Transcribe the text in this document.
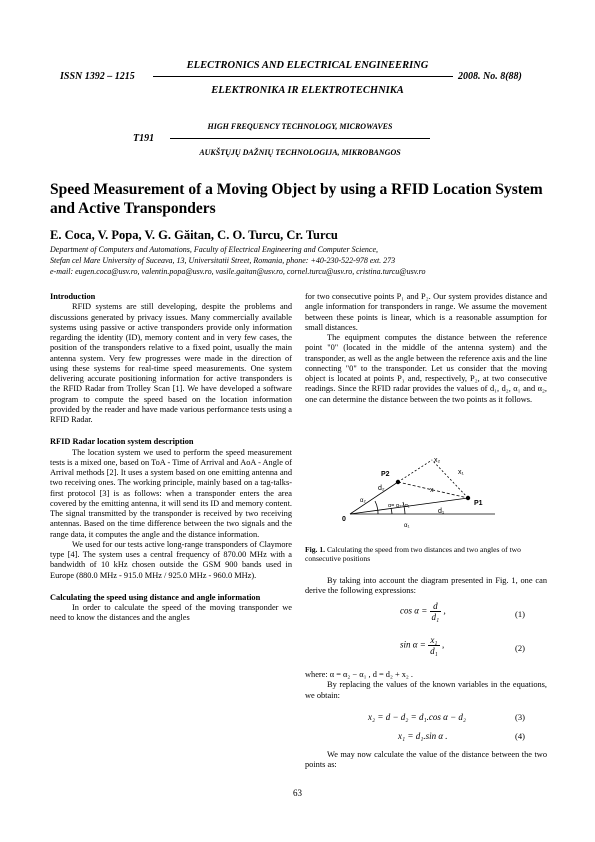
ELECTRONICS AND ELECTRICAL ENGINEERING
ISSN 1392 – 1215	2008. No. 8(88)
ELEKTRONIKA IR ELEKTROTECHNIKA
HIGH FREQUENCY TECHNOLOGY, MICROWAVES
T191
AUKŠTŲJŲ DAŽNIŲ TECHNOLOGIJA, MIKROBANGOS
Speed Measurement of a Moving Object by using a RFID Location System and Active Transponders
E. Coca, V. Popa, V. G. Găitan, C. O. Turcu, Cr. Turcu
Department of Computers and Automations, Faculty of Electrical Engineering and Computer Science,
Stefan cel Mare University of Suceava, 13, Universitatii Street, Romania, phone: +40-230-522-978 ext. 273
e-mail: eugen.coca@usv.ro, valentin.popa@usv.ro, vasile.gaitan@usv.ro, cornel.turcu@usv.ro, cristina.turcu@usv.ro

Introduction

RFID systems are still developing, despite the problems and discussions generated by privacy issues. Many commercially available systems using passive or active transponders provide only information regarding the identity (ID), memory content and in very few cases, the position of the transponders relative to a fixed point, usually the main antenna system. Very few progresses were made in the direction of using these systems for real-time speed measurements. One system delivering accurate positioning information for active transponders is the RFID Radar from Trolley Scan [1]. We have developed a software program to compute the speed based on the location information provided by the reader and have made various performance tests using a RFID Radar.

RFID Radar location system description

The location system we used to perform the speed measurement tests is a mixed one, based on ToA - Time of Arrival and AoA - Angle of Arrival methods [2]. It uses a system based on one emitting antenna and two receiving ones. The working principle, mainly based on a tag-talks-first protocol [3] is as follows: when a transponder enters the area covered by the emitting antenna, it will send its ID and memory content. The signal transmitted by the transponder is received by two receiving antennas. Based on the time difference between the two signals and the range data, it computes the angle and the distance information.

We used for our tests active long-range transponders of Claymore type [4]. The system uses a central frequency of 870.00 MHz with a bandwidth of 10 kHz chosen outside the GSM 900 bands used in Europe (880.0 MHz - 915.0 MHz / 925.0 MHz - 960.0 MHz).

Calculating the speed using distance and angle information

In order to calculate the speed of the moving transponder we need to know the distances and the angles

for two consecutive points P₁ and P₂. Our system provides distance and angle information for transponders in range. We assume the movement between these points is linear, which is a reasonable assumption for small distances.

The equipment computes the distance between the reference point "0" (located in the middle of the antenna system) and the transponder, as well as the angle between the reference axis and the line connecting "0" to the transponder. Let us consider that the moving object is located at points P₁ and, respectively, P₂, at two consecutive readings. Since the RFID radar provides the values of d₁, d₂, α₁ and α₂, one can determine the distance between the two points as it follows.

P2
P1
0
x₂
x₁
x
d₂
d₁
α₂
α= α₂- α₁
α₁

Fig. 1. Calculating the speed from two distances and two angles of two consecutive positions

By taking into account the diagram presented in Fig. 1, one can derive the following expressions:

$\cos \alpha = \frac{d}{\text{d₁}}$ ,	(1)
$\sin \alpha = \frac{\text{x₁}}{\text{d₁}}$ ,	(2)

where: α = α₂ − α₁ , d = d₂ + x₂ .

By replacing the values of the known variables in the equations, we obtain:

x₂ = d − d₂ = d₁.cos α − d₂	(3)
x₁ = d₁.sin α .	(4)

We may now calculate the value of the distance between the two points as:

63
